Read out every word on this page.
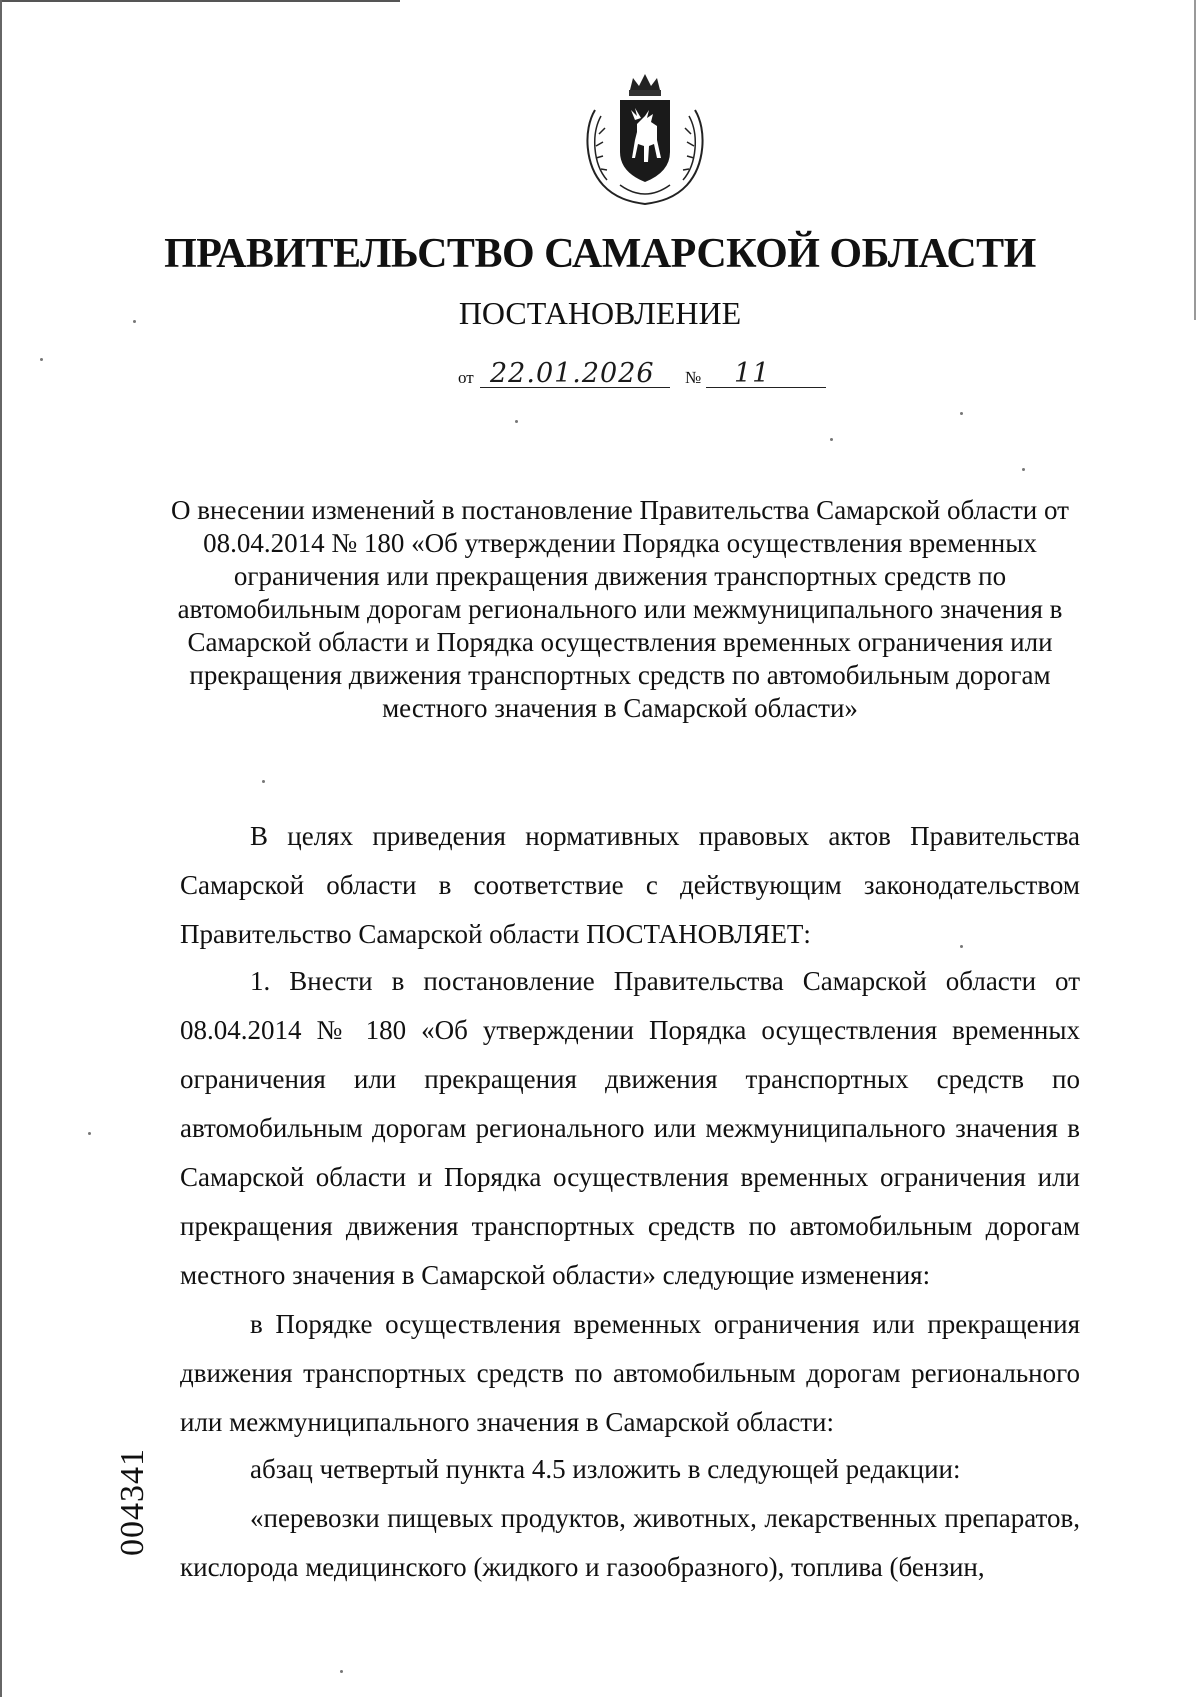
ПРАВИТЕЛЬСТВО САМАРСКОЙ ОБЛАСТИ
ПОСТАНОВЛЕНИЕ
от 22.01.2026 № 11
О внесении изменений в постановление Правительства Самарской области от 08.04.2014 № 180 «Об утверждении Порядка осуществления временных ограничения или прекращения движения транспортных средств по автомобильным дорогам регионального или межмуниципального значения в Самарской области и Порядка осуществления временных ограничения или прекращения движения транспортных средств по автомобильным дорогам местного значения в Самарской области»
В целях приведения нормативных правовых актов Правительства Самарской области в соответствие с действующим законодательством Правительство Самарской области ПОСТАНОВЛЯЕТ:
1. Внести в постановление Правительства Самарской области от 08.04.2014 № 180 «Об утверждении Порядка осуществления временных ограничения или прекращения движения транспортных средств по автомобильным дорогам регионального или межмуниципального значения в Самарской области и Порядка осуществления временных ограничения или прекращения движения транспортных средств по автомобильным дорогам местного значения в Самарской области» следующие изменения:
в Порядке осуществления временных ограничения или прекращения движения транспортных средств по автомобильным дорогам регионального или межмуниципального значения в Самарской области:
абзац четвертый пункта 4.5 изложить в следующей редакции:
«перевозки пищевых продуктов, животных, лекарственных препаратов, кислорода медицинского (жидкого и газообразного), топлива (бензин,
004341
